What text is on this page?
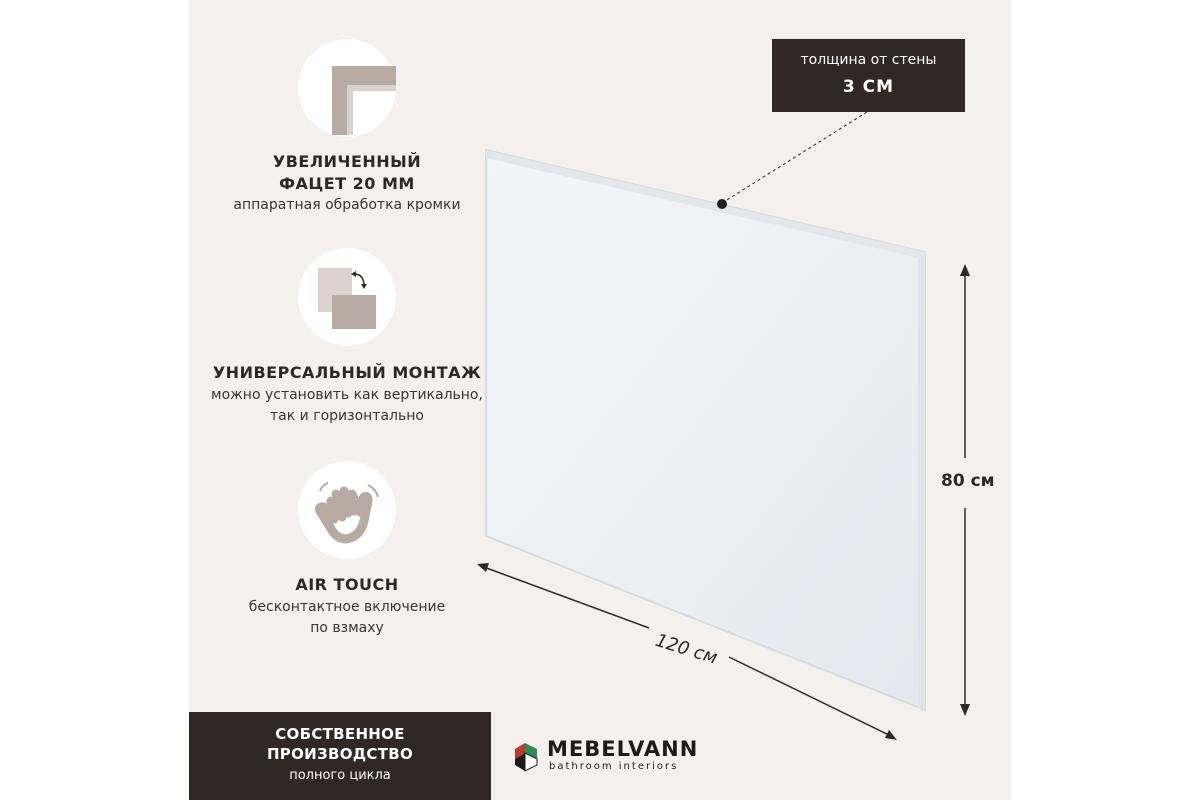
УВЕЛИЧЕННЫЙ
ФАЦЕТ 20 ММ
аппаратная обработка кромки
УНИВЕРСАЛЬНЫЙ МОНТАЖ
можно установить как вертикально,
так и горизонтально
AIR TOUCH
бесконтактное включение
по взмаху
толщина от стены
3 СМ
80 см
120 см
СОБСТВЕННОЕ
ПРОИЗВОДСТВО
полного цикла
MEBELVANN
bathroom interiors
